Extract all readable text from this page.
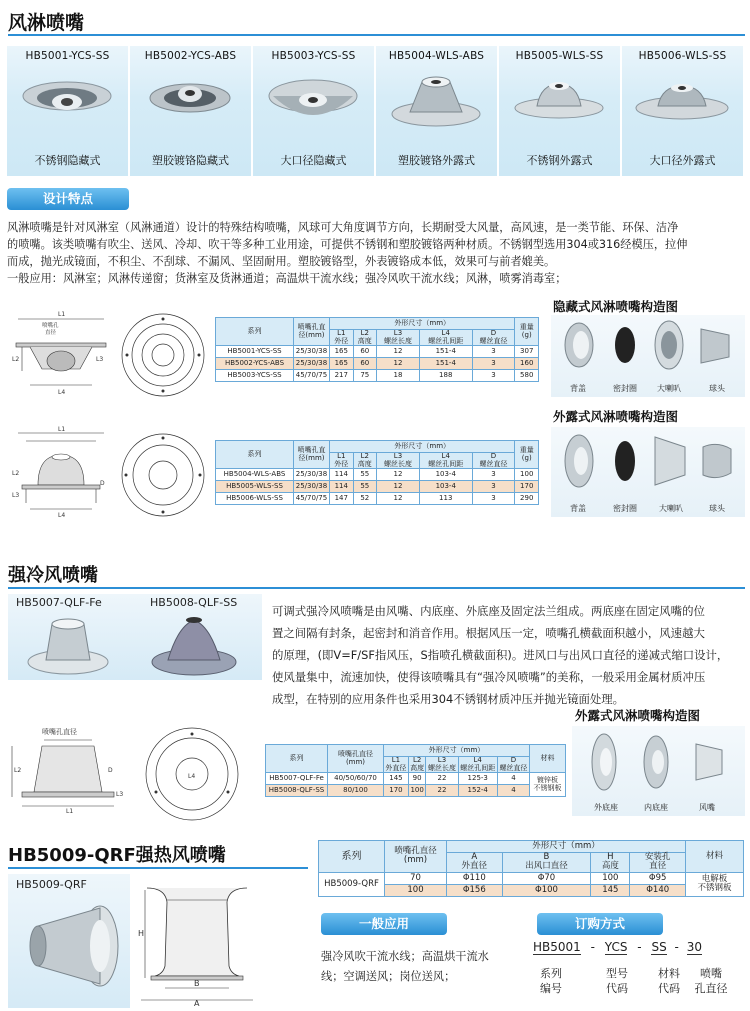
风淋喷嘴
HB5001-YCS-SS
不锈钢隐藏式
HB5002-YCS-ABS
塑胶镀铬隐藏式
HB5003-YCS-SS
大口径隐藏式
HB5004-WLS-ABS
塑胶镀铬外露式
HB5005-WLS-SS
不锈钢外露式
HB5006-WLS-SS
大口径外露式
设计特点
风淋喷嘴是针对风淋室（风淋通道）设计的特殊结构喷嘴，风球可大角度调节方向，长期耐受大风量，高风速，是一类节能、环保、洁净
的喷嘴。该类喷嘴有吹尘、送风、冷却、吹干等多种工业用途，可提供不锈钢和塑胶镀铬两种材质。不锈钢型选用304或316经模压，拉伸
而成，抛光成镜面，不积尘、不刮球、不漏风、坚固耐用。塑胶镀铬型，外表镀铬成本低，效果可与前者媲美。
一般应用：风淋室；风淋传递窗；货淋室及货淋通道；高温烘干流水线；强冷风吹干流水线；风淋，喷雾消毒室；
L1
喷嘴孔
直径
L2	L3
L4
系列	喷嘴孔直径(mm)	外形尺寸（mm）					重量
(g)
		L1
外径	L2
高度	L3
螺丝长度	L4
螺丝孔间距	D
螺丝直径	
HB5001-YCS-SS	25/30/38	165	60	12	151-4	3	307
HB5002-YCS-ABS	25/30/38	165	60	12	151-4	3	160
HB5003-YCS-SS	45/70/75	217	75	18	188	3	580
隐藏式风淋喷嘴构造图
背盖	密封圈	大喇叭	球头
L1
L2
L3
L4
D
系列	喷嘴孔直径(mm)	外形尺寸（mm）					重量
(g)
		L1
外径	L2
高度	L3
螺丝长度	L4
螺丝孔间距	D
螺丝直径	
HB5004-WLS-ABS	25/30/38	114	55	12	103-4	3	100
HB5005-WLS-SS	25/30/38	114	55	12	103-4	3	170
HB5006-WLS-SS	45/70/75	147	52	12	113	3	290
外露式风淋喷嘴构造图
背盖	密封圈	大喇叭	球头
强冷风喷嘴
HB5007-QLF-Fe	HB5008-QLF-SS
可调式强冷风喷嘴是由风嘴、内底座、外底座及固定法兰组成。两底座在固定风嘴的位
置之间隔有封条，起密封和消音作用。根据风压一定，喷嘴孔横截面积越小，风速越大
的原理，(即V=F/SF指风压，S指喷孔横截面积)。进风口与出风口直径的递减式缩口设计，
使风量集中，流速加快，使得该喷嘴具有“强冷风喷嘴”的美称，一般采用金属材质冲压
成型，在特别的应用条件也采用304不锈钢材质冲压并抛光镜面处理。
喷嘴孔直径
L2	D
L3
L1
L4
系列	喷嘴孔直径(mm)	外形尺寸（mm）					材料
		L1
外直径	L2
高度	L3
螺丝长度	L4
螺丝孔间距	D
螺丝直径	
HB5007-QLF-Fe	40/50/60/70	145	90	22	125-3	4	镀锌板
不锈钢板
HB5008-QLF-SS	80/100	170	100	22	152-4	4	
外露式风淋喷嘴构造图
外底座	内底座	风嘴
HB5009-QRF强热风喷嘴
HB5009-QRF
H
B
A
系列	喷嘴孔直径(mm)	外形尺寸（mm）				材料
		A
外直径	B
出风口直径	H
高度	安装孔
直径	
HB5009-QRF	70	Φ110	Φ70	100	Φ95	电解板
不锈钢板
	100	Φ156	Φ100	145	Φ140	
一般应用
强冷风吹干流水线；高温烘干流水
线；空调送风；岗位送风；
订购方式
HB5001 - YCS - SS - 30
系列
编号
型号
代码
材料
代码
喷嘴
孔直径
